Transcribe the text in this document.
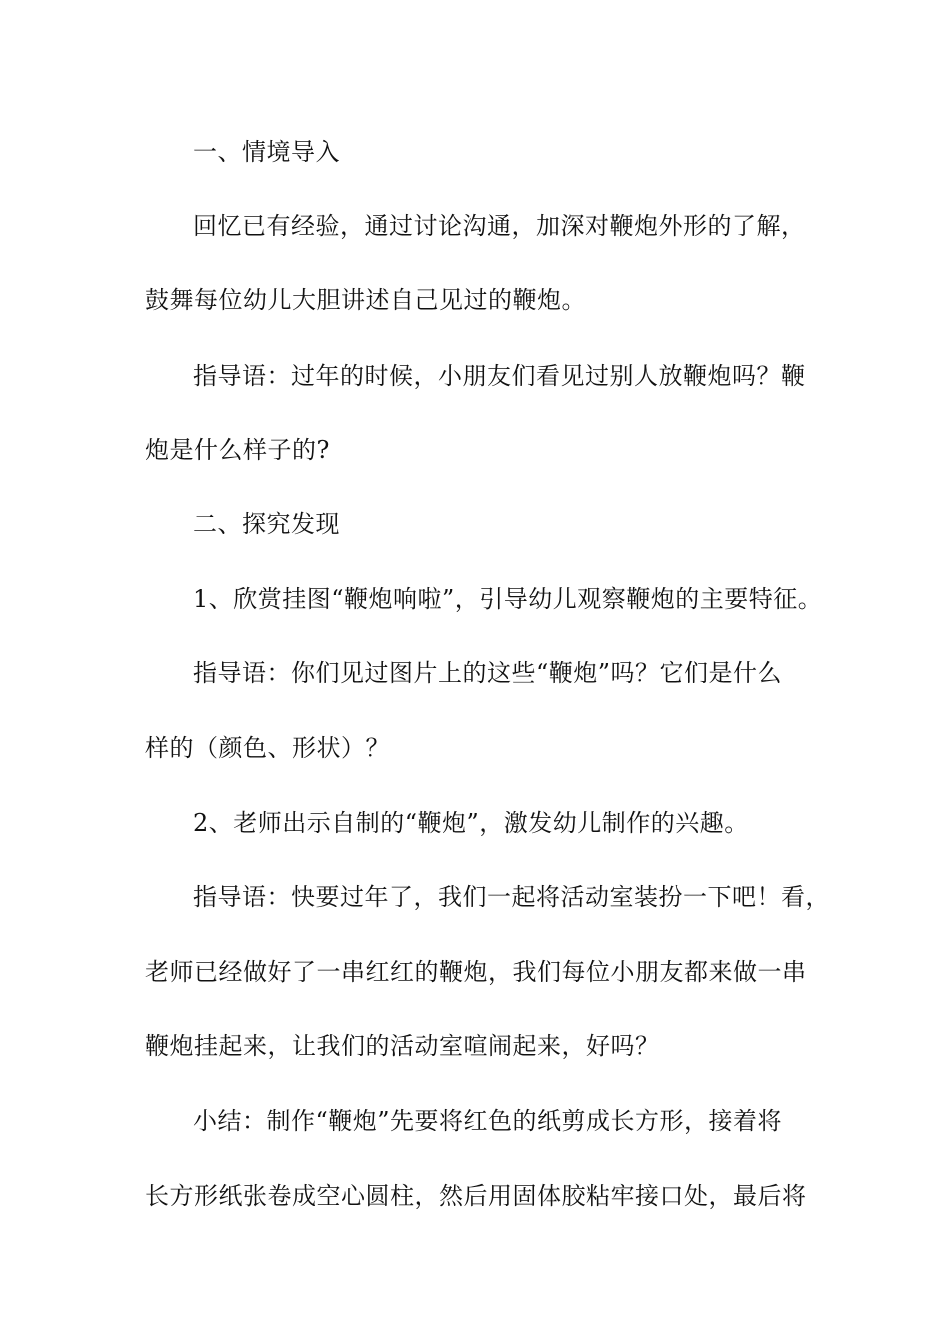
一、情境导入
回忆已有经验，通过讨论沟通，加深对鞭炮外形的了解，
鼓舞每位幼儿大胆讲述自己见过的鞭炮。
指导语：过年的时候，小朋友们看见过别人放鞭炮吗？鞭
炮是什么样子的?
二、探究发现
1、欣赏挂图“鞭炮响啦”，引导幼儿观察鞭炮的主要特征。
指导语：你们见过图片上的这些“鞭炮”吗？它们是什么
样的（颜色、形状）？
2、老师出示自制的“鞭炮”，激发幼儿制作的兴趣。
指导语：快要过年了，我们一起将活动室装扮一下吧！看，
老师已经做好了一串红红的鞭炮，我们每位小朋友都来做一串
鞭炮挂起来，让我们的活动室喧闹起来，好吗？
小结：制作“鞭炮”先要将红色的纸剪成长方形，接着将
长方形纸张卷成空心圆柱，然后用固体胶粘牢接口处，最后将
